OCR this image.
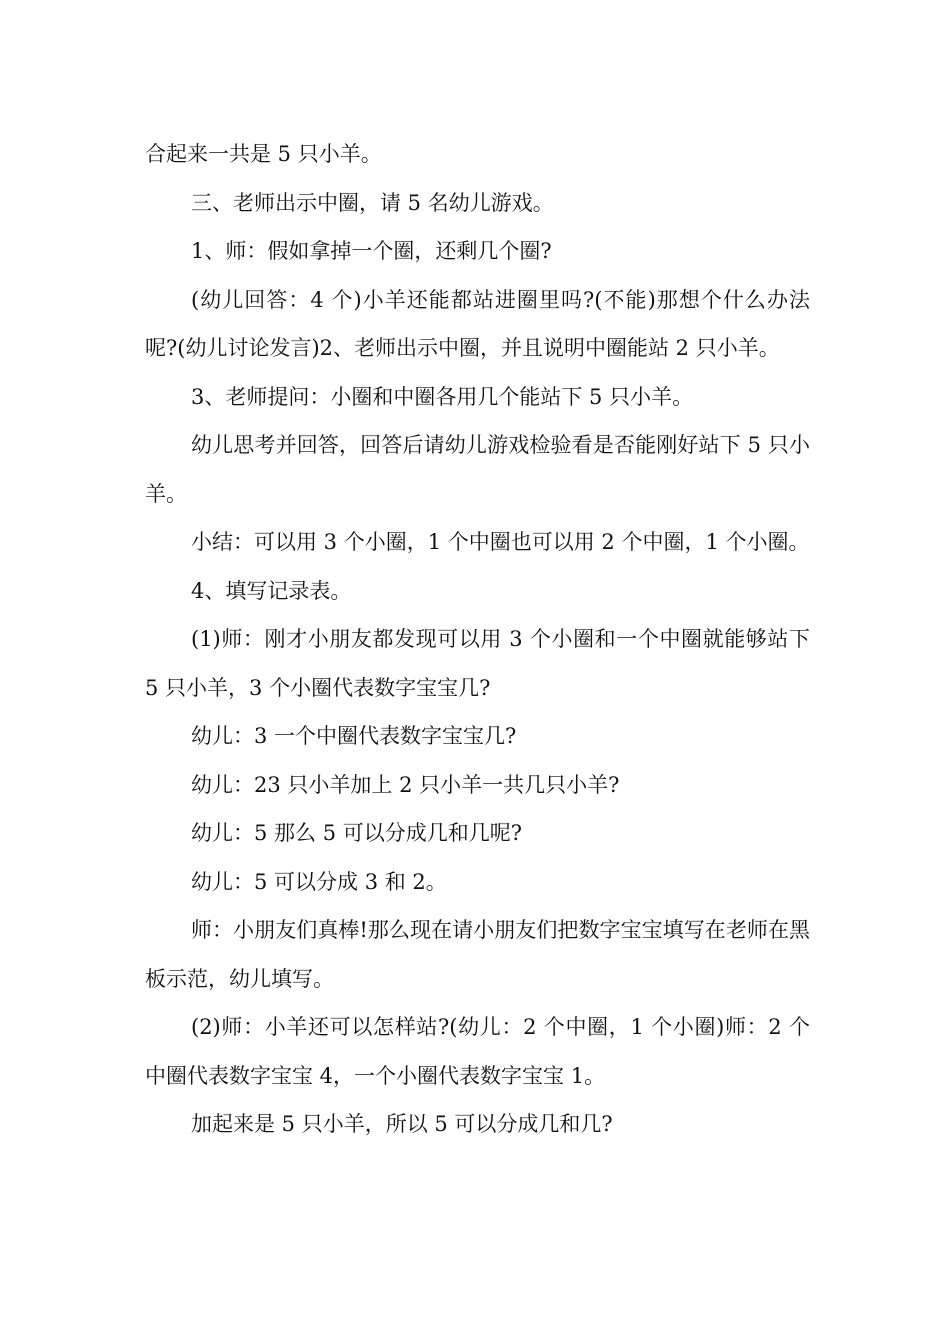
合起来一共是 5 只小羊。

三、老师出示中圈，请 5 名幼儿游戏。

1、师：假如拿掉一个圈，还剩几个圈?

(幼儿回答：4 个)小羊还能都站进圈里吗?(不能)那想个什么办法呢?(幼儿讨论发言)2、老师出示中圈，并且说明中圈能站 2 只小羊。

3、老师提问：小圈和中圈各用几个能站下 5 只小羊。

幼儿思考并回答，回答后请幼儿游戏检验看是否能刚好站下 5 只小羊。

小结：可以用 3 个小圈，1 个中圈也可以用 2 个中圈，1 个小圈。

4、填写记录表。

(1)师：刚才小朋友都发现可以用 3 个小圈和一个中圈就能够站下 5 只小羊，3 个小圈代表数字宝宝几?

幼儿：3 一个中圈代表数字宝宝几?

幼儿：23 只小羊加上 2 只小羊一共几只小羊?

幼儿：5 那么 5 可以分成几和几呢?

幼儿：5 可以分成 3 和 2。

师：小朋友们真棒!那么现在请小朋友们把数字宝宝填写在老师在黑板示范，幼儿填写。

(2)师：小羊还可以怎样站?(幼儿：2 个中圈，1 个小圈)师：2 个中圈代表数字宝宝 4，一个小圈代表数字宝宝 1。

加起来是 5 只小羊，所以 5 可以分成几和几?
